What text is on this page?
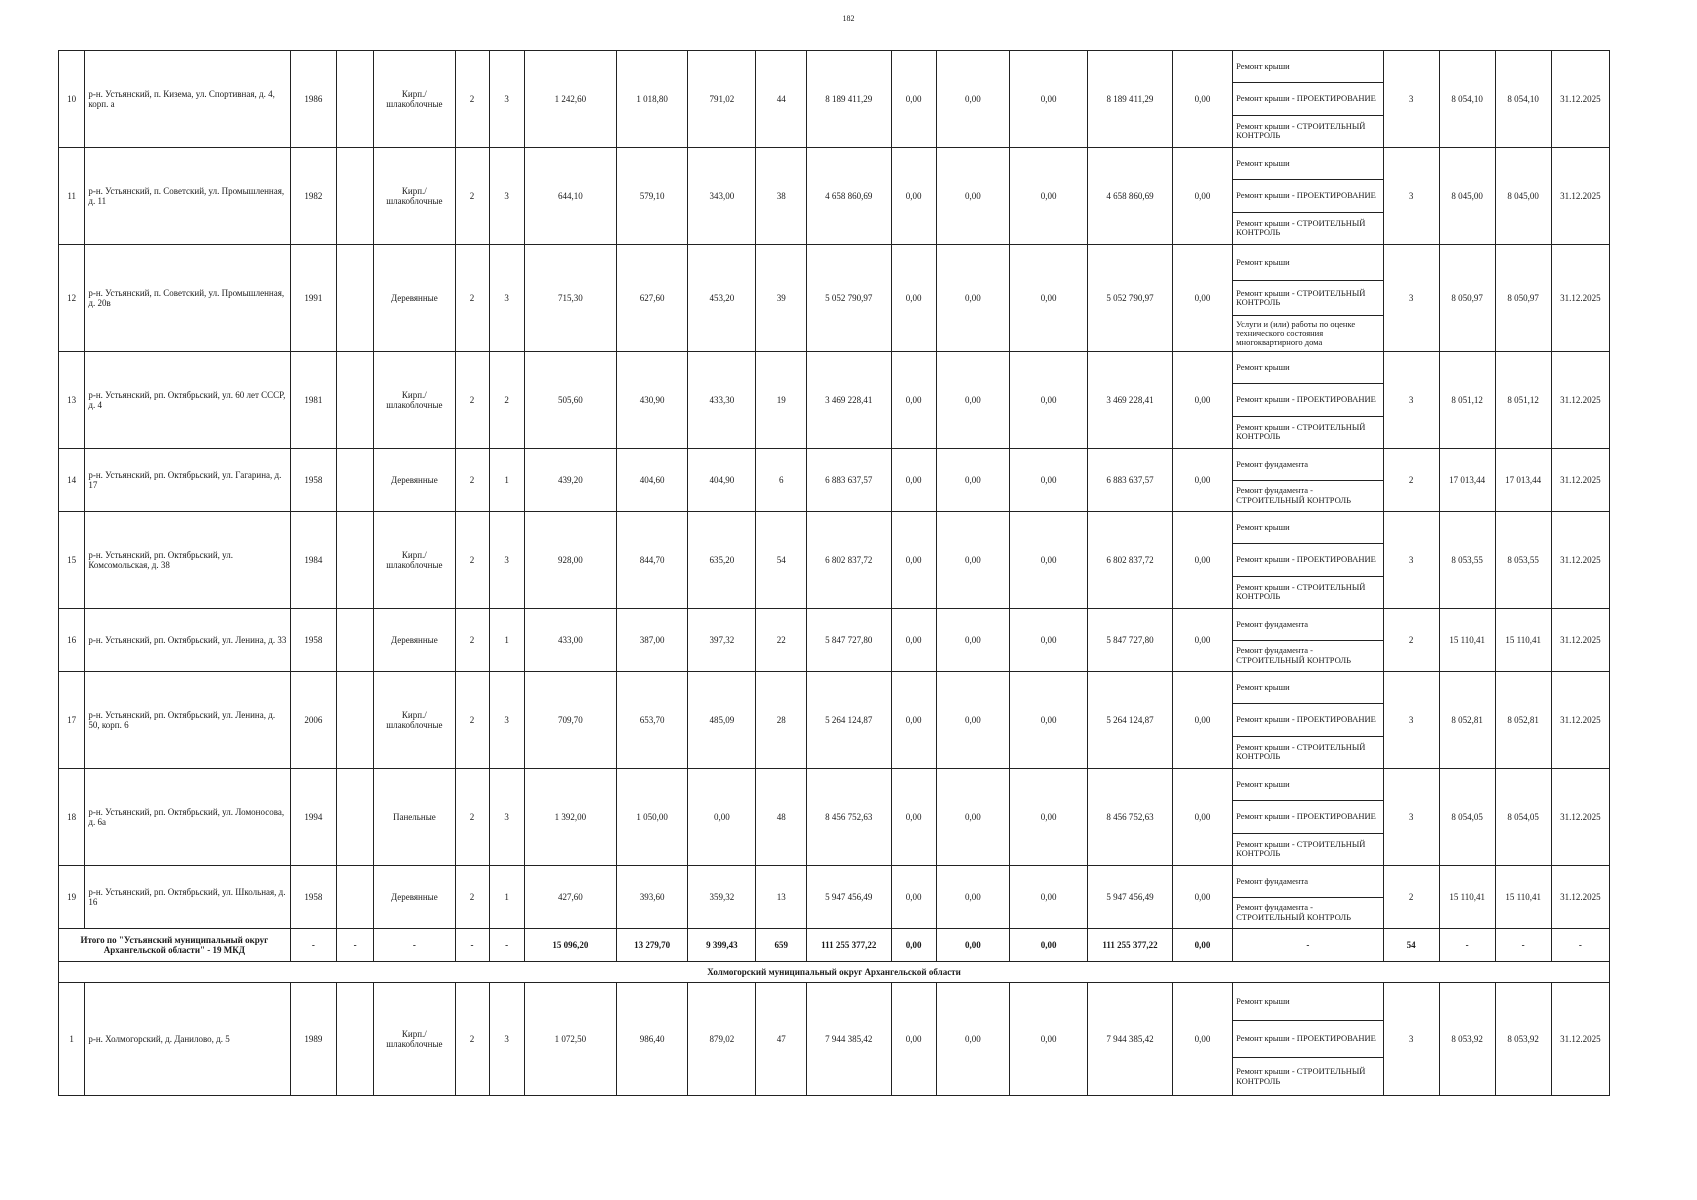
182
10	р-н. Устьянский, п. Кизема, ул. Спортивная, д. 4, корп. а	1986		Кирп./ шлакоблочные	2	3	1 242,60	1 018,80	791,02	44	8 189 411,29	0,00	0,00	0,00	8 189 411,29	0,00	Ремонт крыши
Ремонт крыши - ПРОЕКТИРОВАНИЕ
Ремонт крыши - СТРОИТЕЛЬНЫЙ КОНТРОЛЬ	3	8 054,10	8 054,10	31.12.2025
11	р-н. Устьянский, п. Советский, ул. Промышленная, д. 11	1982		Кирп./ шлакоблочные	2	3	644,10	579,10	343,00	38	4 658 860,69	0,00	0,00	0,00	4 658 860,69	0,00	Ремонт крыши
Ремонт крыши - ПРОЕКТИРОВАНИЕ
Ремонт крыши - СТРОИТЕЛЬНЫЙ КОНТРОЛЬ	3	8 045,00	8 045,00	31.12.2025
12	р-н. Устьянский, п. Советский, ул. Промышленная, д. 20в	1991		Деревянные	2	3	715,30	627,60	453,20	39	5 052 790,97	0,00	0,00	0,00	5 052 790,97	0,00	Ремонт крыши
Ремонт крыши - СТРОИТЕЛЬНЫЙ КОНТРОЛЬ
Услуги и (или) работы по оценке технического состояния многоквартирного дома	3	8 050,97	8 050,97	31.12.2025
13	р-н. Устьянский, рп. Октябрьский, ул. 60 лет СССР, д. 4	1981		Кирп./ шлакоблочные	2	2	505,60	430,90	433,30	19	3 469 228,41	0,00	0,00	0,00	3 469 228,41	0,00	Ремонт крыши
Ремонт крыши - ПРОЕКТИРОВАНИЕ
Ремонт крыши - СТРОИТЕЛЬНЫЙ КОНТРОЛЬ	3	8 051,12	8 051,12	31.12.2025
14	р-н. Устьянский, рп. Октябрьский, ул. Гагарина, д. 17	1958		Деревянные	2	1	439,20	404,60	404,90	6	6 883 637,57	0,00	0,00	0,00	6 883 637,57	0,00	Ремонт фундамента
Ремонт фундамента - СТРОИТЕЛЬНЫЙ КОНТРОЛЬ	2	17 013,44	17 013,44	31.12.2025
15	р-н. Устьянский, рп. Октябрьский, ул. Комсомольская, д. 38	1984		Кирп./ шлакоблочные	2	3	928,00	844,70	635,20	54	6 802 837,72	0,00	0,00	0,00	6 802 837,72	0,00	Ремонт крыши
Ремонт крыши - ПРОЕКТИРОВАНИЕ
Ремонт крыши - СТРОИТЕЛЬНЫЙ КОНТРОЛЬ	3	8 053,55	8 053,55	31.12.2025
16	р-н. Устьянский, рп. Октябрьский, ул. Ленина, д. 33	1958		Деревянные	2	1	433,00	387,00	397,32	22	5 847 727,80	0,00	0,00	0,00	5 847 727,80	0,00	Ремонт фундамента
Ремонт фундамента - СТРОИТЕЛЬНЫЙ КОНТРОЛЬ	2	15 110,41	15 110,41	31.12.2025
17	р-н. Устьянский, рп. Октябрьский, ул. Ленина, д. 50, корп. 6	2006		Кирп./ шлакоблочные	2	3	709,70	653,70	485,09	28	5 264 124,87	0,00	0,00	0,00	5 264 124,87	0,00	Ремонт крыши
Ремонт крыши - ПРОЕКТИРОВАНИЕ
Ремонт крыши - СТРОИТЕЛЬНЫЙ КОНТРОЛЬ	3	8 052,81	8 052,81	31.12.2025
18	р-н. Устьянский, рп. Октябрьский, ул. Ломоносова, д. 6а	1994		Панельные	2	3	1 392,00	1 050,00	0,00	48	8 456 752,63	0,00	0,00	0,00	8 456 752,63	0,00	Ремонт крыши
Ремонт крыши - ПРОЕКТИРОВАНИЕ
Ремонт крыши - СТРОИТЕЛЬНЫЙ КОНТРОЛЬ	3	8 054,05	8 054,05	31.12.2025
19	р-н. Устьянский, рп. Октябрьский, ул. Школьная, д. 16	1958		Деревянные	2	1	427,60	393,60	359,32	13	5 947 456,49	0,00	0,00	0,00	5 947 456,49	0,00	Ремонт фундамента
Ремонт фундамента - СТРОИТЕЛЬНЫЙ КОНТРОЛЬ	2	15 110,41	15 110,41	31.12.2025
Итого по "Устьянский муниципальный округ Архангельской области" - 19 МКД		-	-	-	-	-	15 096,20	13 279,70	9 399,43	659	111 255 377,22	0,00	0,00	0,00	111 255 377,22	0,00	-	54	-	-	-
Холмогорский муниципальный округ Архангельской области																					
1	р-н. Холмогорский, д. Данилово, д. 5	1989		Кирп./ шлакоблочные	2	3	1 072,50	986,40	879,02	47	7 944 385,42	0,00	0,00	0,00	7 944 385,42	0,00	Ремонт крыши
Ремонт крыши - ПРОЕКТИРОВАНИЕ
Ремонт крыши - СТРОИТЕЛЬНЫЙ КОНТРОЛЬ	3	8 053,92	8 053,92	31.12.2025
